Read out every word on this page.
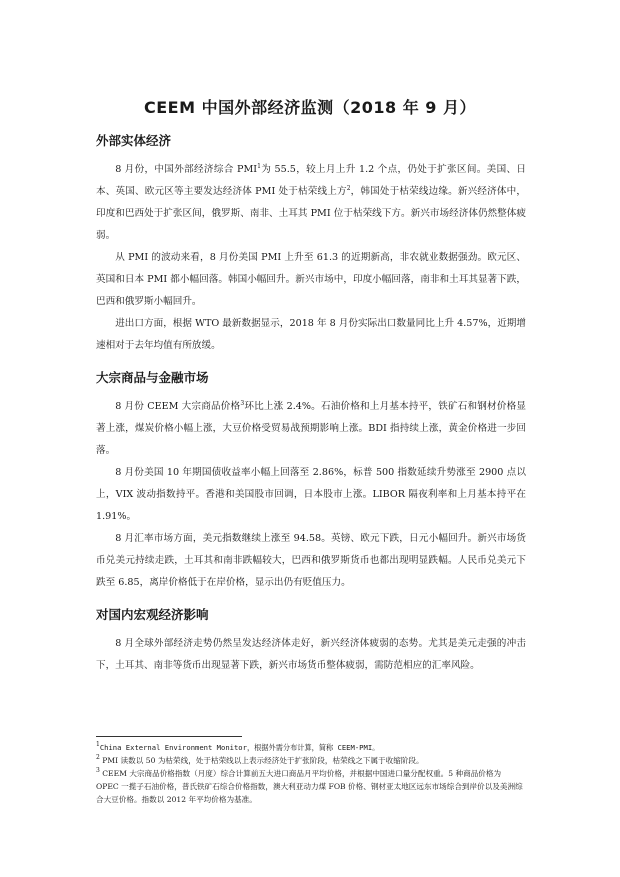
CEEM 中国外部经济监测（2018 年 9 月）
外部实体经济

8 月份，中国外部经济综合 PMI$^1$为 55.5，较上月上升 1.2 个点，仍处于扩张区间。美国、日本、英国、欧元区等主要发达经济体 PMI 处于枯荣线上方$^2$，韩国处于枯荣线边缘。新兴经济体中，印度和巴西处于扩张区间，俄罗斯、南非、土耳其 PMI 位于枯荣线下方。新兴市场经济体仍然整体疲弱。

从 PMI 的波动来看，8 月份美国 PMI 上升至 61.3 的近期新高，非农就业数据强劲。欧元区、英国和日本 PMI 都小幅回落。韩国小幅回升。新兴市场中，印度小幅回落，南非和土耳其显著下跌，巴西和俄罗斯小幅回升。

进出口方面，根据 WTO 最新数据显示，2018 年 8 月份实际出口数量同比上升 4.57%，近期增速相对于去年均值有所放缓。

大宗商品与金融市场

8 月份 CEEM 大宗商品价格$^3$环比上涨 2.4%。石油价格和上月基本持平，铁矿石和钢材价格显著上涨，煤炭价格小幅上涨，大豆价格受贸易战预期影响上涨。BDI 指持续上涨，黄金价格进一步回落。

8 月份美国 10 年期国债收益率小幅上回落至 2.86%，标普 500 指数延续升势涨至 2900 点以上，VIX 波动指数持平。香港和美国股市回调，日本股市上涨。LIBOR 隔夜利率和上月基本持平在 1.91%。

8 月汇率市场方面，美元指数继续上涨至 94.58。英镑、欧元下跌，日元小幅回升。新兴市场货币兑美元持续走跌，土耳其和南非跌幅较大，巴西和俄罗斯货币也都出现明显跌幅。人民币兑美元下跌至 6.85，离岸价格低于在岸价格，显示出仍有贬值压力。

对国内宏观经济影响

8 月全球外部经济走势仍然呈发达经济体走好，新兴经济体疲弱的态势。尤其是美元走强的冲击下，土耳其、南非等货币出现显著下跌，新兴市场货币整体疲弱，需防范相应的汇率风险。

$^1$China External Environment Monitor，根据外需分布计算，简称 CEEM-PMI。

$^2$ PMI 读数以 50 为枯荣线，处于枯荣线以上表示经济处于扩张阶段，枯荣线之下属于收缩阶段。

$^3$ CEEM 大宗商品价格指数（月度）综合计算前五大进口商品月平均价格，并根据中国进口量分配权重。5 种商品价格为 OPEC 一揽子石油价格，普氏铁矿石综合价格指数，澳大利亚动力煤 FOB 价格、钢材亚太地区远东市场综合到岸价以及美洲综合大豆价格。指数以 2012 年平均价格为基准。
